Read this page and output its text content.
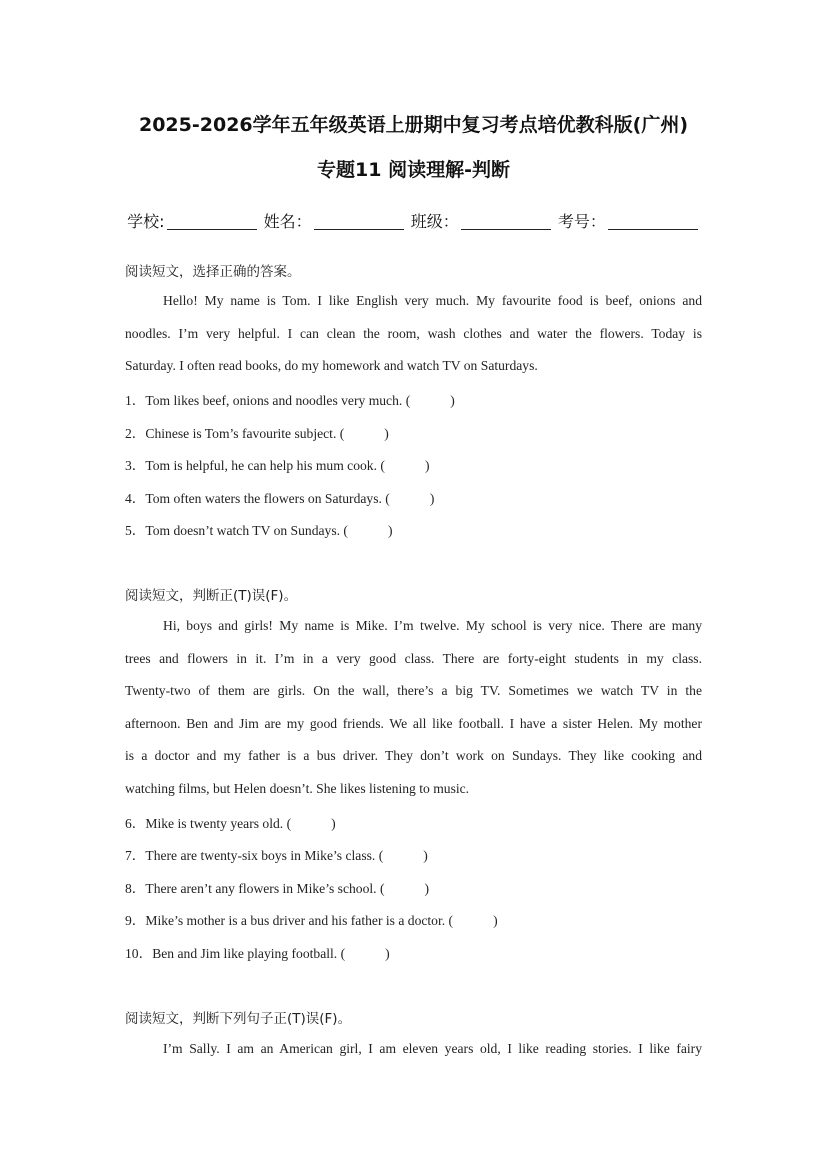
2025-2026学年五年级英语上册期中复习考点培优教科版(广州)
专题11 阅读理解-判断
学校:	姓名：	班级：	考号：
阅读短文，选择正确的答案。
Hello! My name is Tom. I like English very much. My favourite food is beef, onions and
noodles. I’m very helpful. I can clean the room, wash clothes and water the flowers. Today is
Saturday. I often read books, do my homework and watch TV on Saturdays.
1．Tom likes beef, onions and noodles very much. (	)
2．Chinese is Tom’s favourite subject. (	)
3．Tom is helpful, he can help his mum cook. (	)
4．Tom often waters the flowers on Saturdays. (	)
5．Tom doesn’t watch TV on Sundays. (	)
阅读短文，判断正(T)误(F)。
Hi, boys and girls! My name is Mike. I’m twelve. My school is very nice. There are many
trees and flowers in it. I’m in a very good class. There are forty-eight students in my class.
Twenty-two of them are girls. On the wall, there’s a big TV. Sometimes we watch TV in the
afternoon. Ben and Jim are my good friends. We all like football. I have a sister Helen. My mother
is a doctor and my father is a bus driver. They don’t work on Sundays. They like cooking and
watching films, but Helen doesn’t. She likes listening to music.
6．Mike is twenty years old. (	)
7．There are twenty-six boys in Mike’s class. (	)
8．There aren’t any flowers in Mike’s school. (	)
9．Mike’s mother is a bus driver and his father is a doctor. (	)
10．Ben and Jim like playing football. (	)
阅读短文，判断下列句子正(T)误(F)。
I’m Sally. I am an American girl, I am eleven years old, I like reading stories. I like fairy
